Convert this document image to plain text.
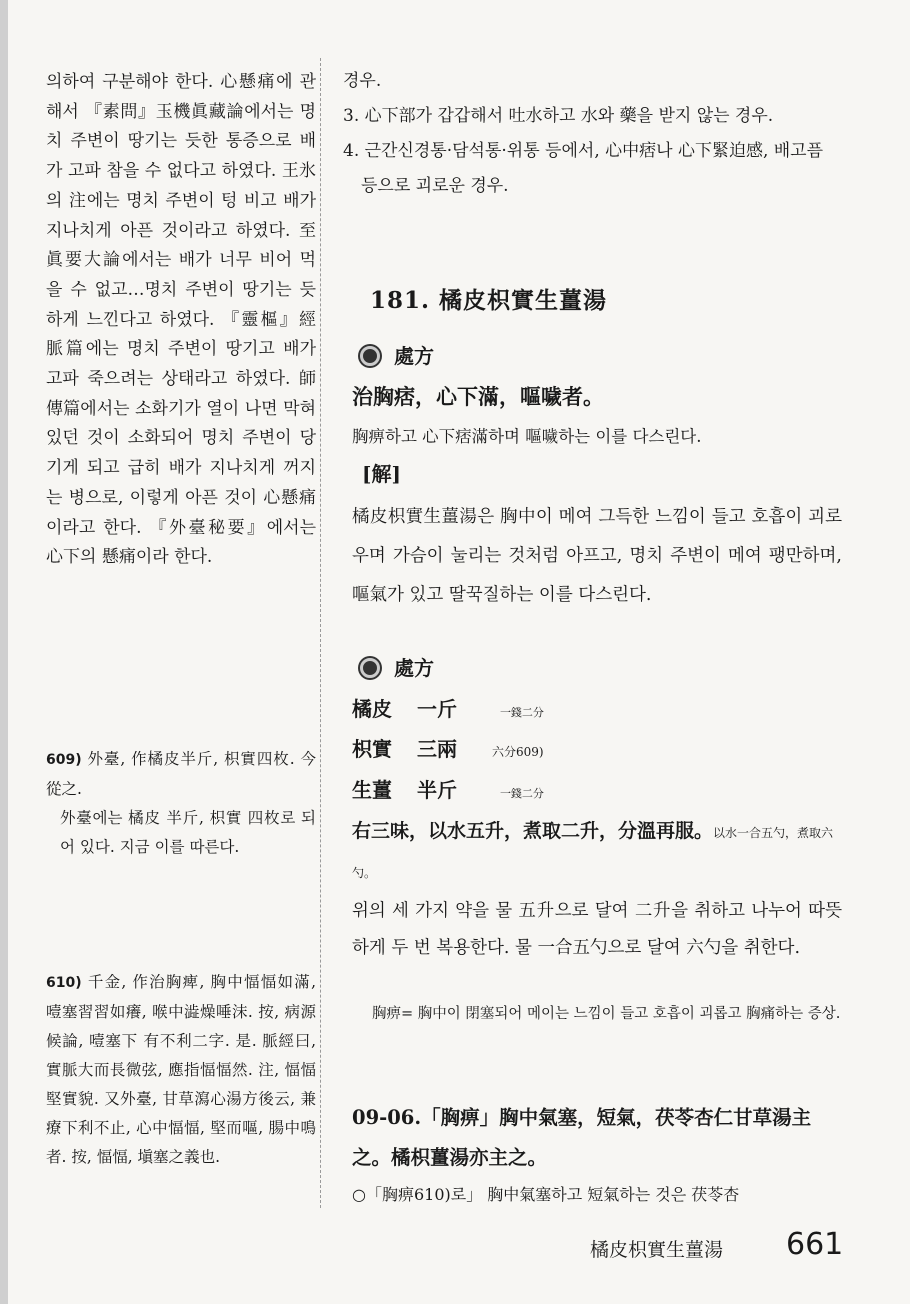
의하여 구분해야 한다. 心懸痛에 관해서 『素問』玉機眞藏論에서는 명치 주변이 땅기는 듯한 통증으로 배가 고파 참을 수 없다고 하였다. 王氷의 注에는 명치 주변이 텅 비고 배가 지나치게 아픈 것이라고 하였다. 至眞要大論에서는 배가 너무 비어 먹을 수 없고…명치 주변이 땅기는 듯하게 느낀다고 하였다. 『靈樞』經脈篇에는 명치 주변이 땅기고 배가 고파 죽으려는 상태라고 하였다. 師傳篇에서는 소화기가 열이 나면 막혀 있던 것이 소화되어 명치 주변이 당기게 되고 급히 배가 지나치게 꺼지는 병으로, 이렇게 아픈 것이 心懸痛이라고 한다. 『外臺秘要』에서는 心下의 懸痛이라 한다.
609) 外臺, 作橘皮半斤, 枳實四枚. 今從之.
外臺에는 橘皮 半斤, 枳實 四枚로 되어 있다. 지금 이를 따른다.
610) 千金, 作治胸痺, 胸中愊愊如滿, 噎塞習習如癢, 喉中澁燥唾沫. 按, 病源候論, 噎塞下 有不利二字. 是. 脈經曰, 實脈大而長微弦, 應指愊愊然. 注, 愊愊堅實貌. 又外臺, 甘草瀉心湯方後云, 兼療下利不止, 心中愊愊, 堅而嘔, 腸中鳴者. 按, 愊愊, 塡塞之義也.
경우.
3. 心下部가 갑갑해서 吐水하고 水와 藥을 받지 않는 경우.
4. 근간신경통·담석통·위통 등에서, 心中痞나 心下緊迫感, 배고픔 등으로 괴로운 경우.
181. 橘皮枳實生薑湯
處方
治胸痞，心下滿，嘔噦者。
胸痹하고 心下痞滿하며 嘔噦하는 이를 다스린다.
[解]
橘皮枳實生薑湯은 胸中이 메여 그득한 느낌이 들고 호흡이 괴로우며 가슴이 눌리는 것처럼 아프고, 명치 주변이 메여 팽만하며, 嘔氣가 있고 딸꾹질하는 이를 다스린다.
處方
橘皮 一斤	一錢二分
枳實 三兩	六分609)
生薑 半斤	一錢二分
右三味，以水五升，煮取二升，分溫再服。以水一合五勺，煮取六勺。
위의 세 가지 약을 물 五升으로 달여 二升을 취하고 나누어 따뜻하게 두 번 복용한다. 물 一合五勺으로 달여 六勺을 취한다.
胸痹= 胸中이 閉塞되어 메이는 느낌이 들고 호흡이 괴롭고 胸痛하는 증상.
09-06.「胸痹」胸中氣塞，短氣，茯苓杏仁甘草湯主之。橘枳薑湯亦主之。
○「胸痹610)로」 胸中氣塞하고 短氣하는 것은 茯苓杏
橘皮枳實生薑湯 661
